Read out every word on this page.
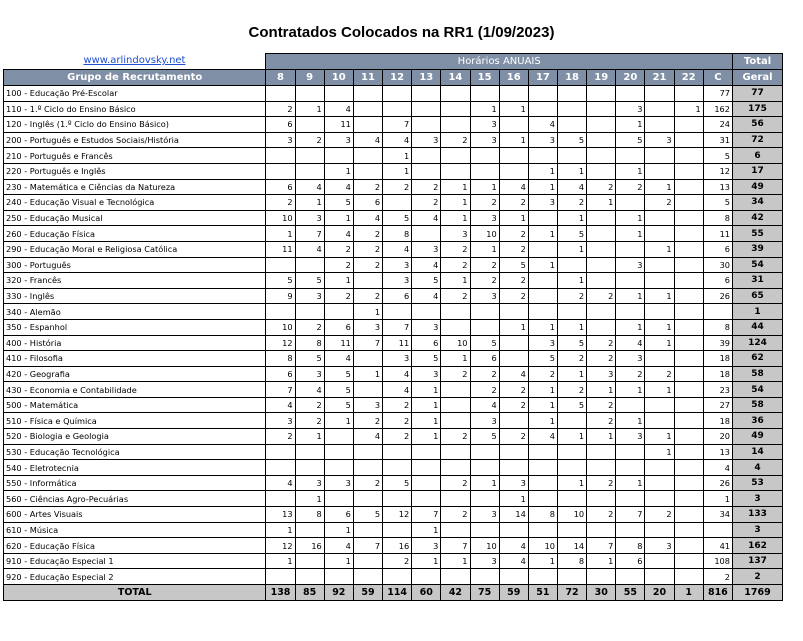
Contratados Colocados na RR1 (1/09/2023)
www.arlindovsky.net	Horários ANUAIS																Total
Grupo de Recrutamento	8	9	10	11	12	13	14	15	16	17	18	19	20	21	22	C	Geral
100 - Educação Pré-Escolar																77	77
110 - 1.º Ciclo do Ensino Básico	2	1	4					1	1				3		1	162	175
120 - Inglês (1.º Ciclo do Ensino Básico)	6		11		7			3		4			1			24	56
200 - Português e Estudos Sociais/História	3	2	3	4	4	3	2	3	1	3	5		5	3		31	72
210 - Português e Francês					1											5	6
220 - Português e Inglês			1		1					1	1		1			12	17
230 - Matemática e Ciências da Natureza	6	4	4	2	2	2	1	1	4	1	4	2	2	1		13	49
240 - Educação Visual e Tecnológica	2	1	5	6		2	1	2	2	3	2	1		2		5	34
250 - Educação Musical	10	3	1	4	5	4	1	3	1		1		1			8	42
260 - Educação Física	1	7	4	2	8		3	10	2	1	5		1			11	55
290 - Educação Moral e Religiosa Católica	11	4	2	2	4	3	2	1	2		1			1		6	39
300 - Português			2	2	3	4	2	2	5	1			3			30	54
320 - Francês	5	5	1		3	5	1	2	2		1					6	31
330 - Inglês	9	3	2	2	6	4	2	3	2		2	2	1	1		26	65
340 - Alemão				1													1
350 - Espanhol	10	2	6	3	7	3			1	1	1		1	1		8	44
400 - História	12	8	11	7	11	6	10	5		3	5	2	4	1		39	124
410 - Filosofia	8	5	4		3	5	1	6		5	2	2	3			18	62
420 - Geografia	6	3	5	1	4	3	2	2	4	2	1	3	2	2		18	58
430 - Economia e Contabilidade	7	4	5		4	1		2	2	1	2	1	1	1		23	54
500 - Matemática	4	2	5	3	2	1		4	2	1	5	2				27	58
510 - Física e Química	3	2	1	2	2	1		3		1		2	1			18	36
520 - Biologia e Geologia	2	1		4	2	1	2	5	2	4	1	1	3	1		20	49
530 - Educação Tecnológica														1		13	14
540 - Eletrotecnia																4	4
550 - Informática	4	3	3	2	5		2	1	3		1	2	1			26	53
560 - Ciências Agro-Pecuárias		1							1							1	3
600 - Artes Visuais	13	8	6	5	12	7	2	3	14	8	10	2	7	2		34	133
610 - Música	1		1			1											3
620 - Educação Física	12	16	4	7	16	3	7	10	4	10	14	7	8	3		41	162
910 - Educação Especial 1	1		1		2	1	1	3	4	1	8	1	6			108	137
920 - Educação Especial 2																2	2
TOTAL	138	85	92	59	114	60	42	75	59	51	72	30	55	20	1	816	1769
